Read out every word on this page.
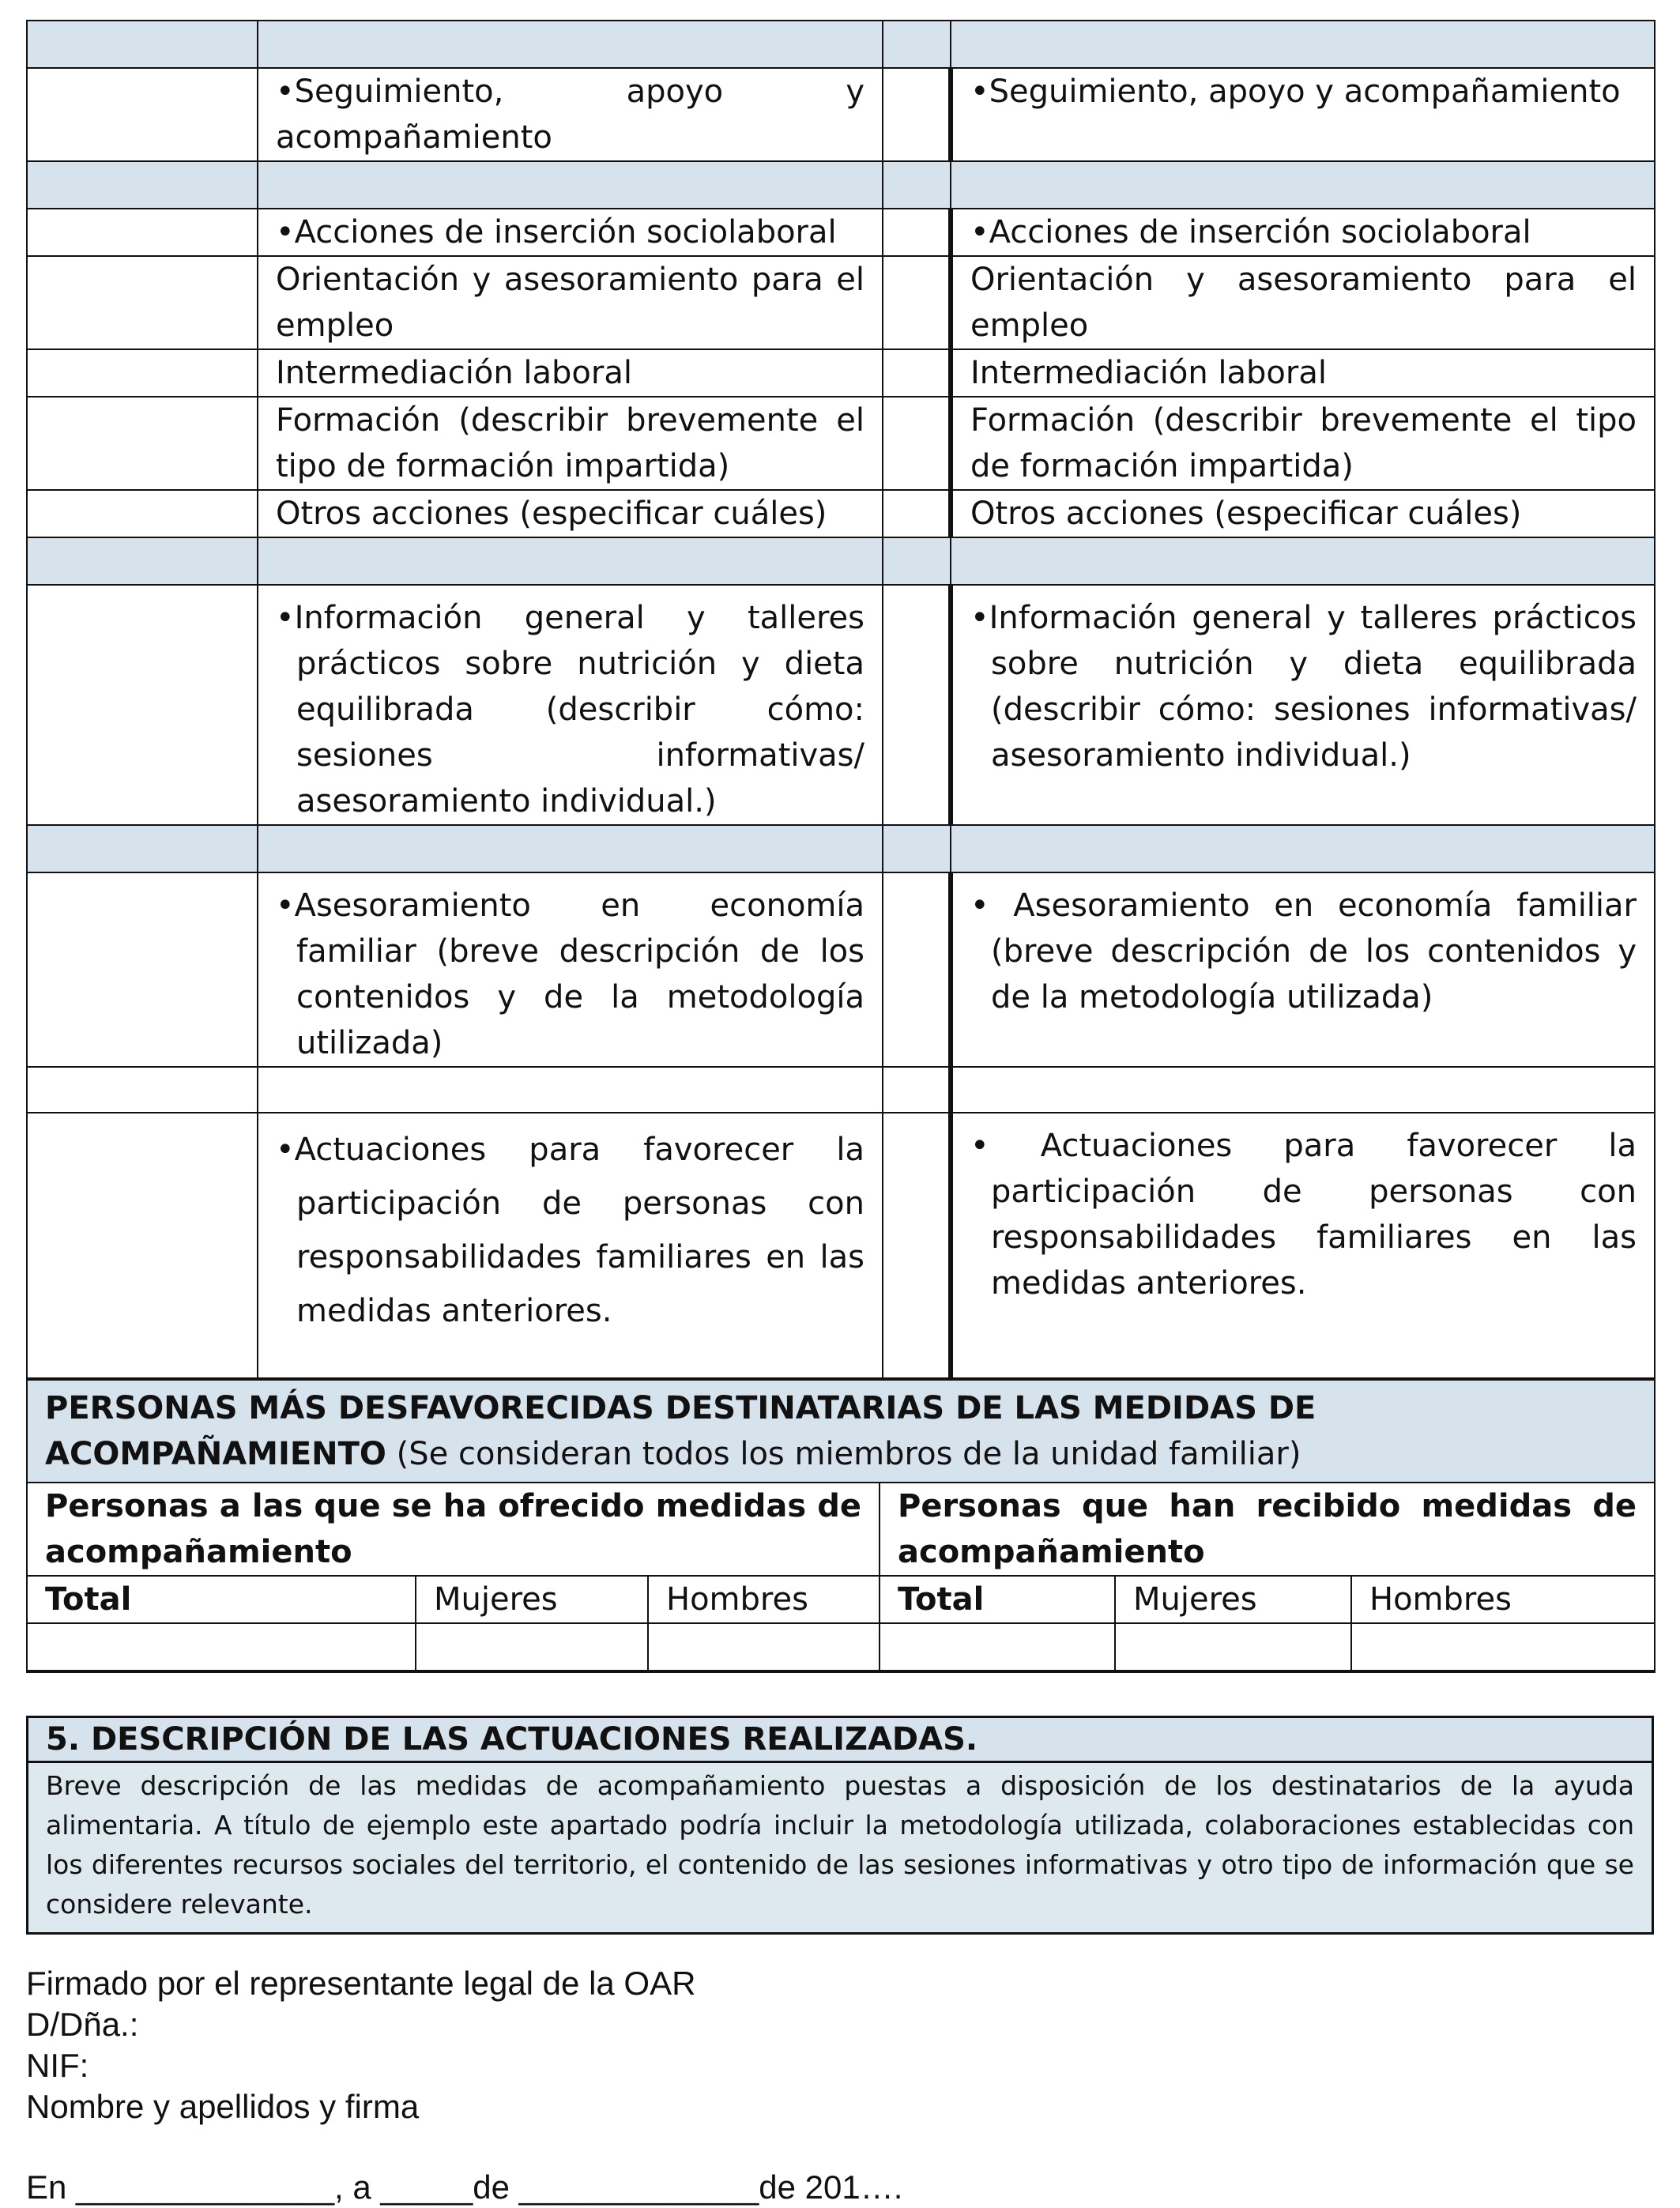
	•Seguimiento, apoyo y acompañamiento		•Seguimiento, apoyo y acompañamiento

	•Acciones de inserción sociolaboral		•Acciones de inserción sociolaboral
	Orientación y asesoramiento para el empleo		Orientación y asesoramiento para el empleo
	Intermediación laboral		Intermediación laboral
	Formación (describir brevemente el tipo de formación impartida)		Formación (describir brevemente el tipo de formación impartida)
	Otros acciones (especificar cuáles)		Otros acciones (especificar cuáles)

	•Información general y talleres prácticos sobre nutrición y dieta equilibrada (describir cómo: sesiones informativas/ asesoramiento individual.)		•Información general y talleres prácticos sobre nutrición y dieta equilibrada (describir cómo: sesiones informativas/ asesoramiento individual.)

	•Asesoramiento en economía familiar (breve descripción de los contenidos y de la metodología utilizada)		• Asesoramiento en economía familiar (breve descripción de los contenidos y de la metodología utilizada)

	•Actuaciones para favorecer la participación de personas con responsabilidades familiares en las medidas anteriores.		• Actuaciones para favorecer la participación de personas con responsabilidades familiares en las medidas anteriores.
PERSONAS MÁS DESFAVORECIDAS DESTINATARIAS DE LAS MEDIDAS DE ACOMPAÑAMIENTO (Se consideran todos los miembros de la unidad familiar)					
Personas a las que se ha ofrecido medidas de acompañamiento			Personas que han recibido medidas de acompañamiento		
Total	Mujeres	Hombres	Total	Mujeres	Hombres

5. DESCRIPCIÓN DE LAS ACTUACIONES REALIZADAS.
Breve descripción de las medidas de acompañamiento puestas a disposición de los destinatarios de la ayuda alimentaria. A título de ejemplo este apartado podría incluir la metodología utilizada, colaboraciones establecidas con los diferentes recursos sociales del territorio, el contenido de las sesiones informativas y otro tipo de información que se considere relevante.
Firmado por el representante legal de la OAR
D/Dña.:
NIF:
Nombre y apellidos y firma
En ______________, a _____de _____________de 201….
